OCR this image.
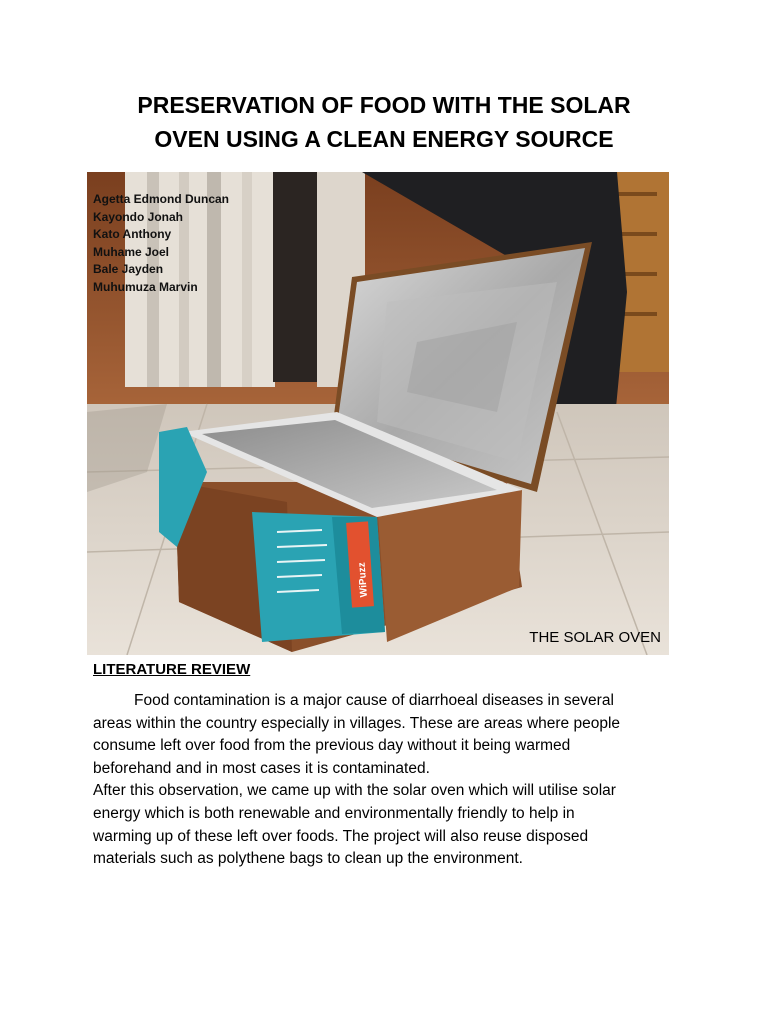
PRESERVATION OF FOOD WITH THE SOLAR
OVEN USING A CLEAN ENERGY SOURCE
WiPuzz
Agetta Edmond Duncan
Kayondo Jonah
Kato Anthony
Muhame Joel
Bale Jayden
Muhumuza Marvin
THE SOLAR OVEN
LITERATURE REVIEW
Food contamination is a major cause of diarrhoeal diseases in several
areas within the country especially in villages. These are areas where people
consume left over food from the previous day without it being warmed
beforehand and in most cases it is contaminated.
After this observation, we came up with the solar oven which will utilise solar
energy which is both renewable and environmentally friendly to help in
warming up of these left over foods. The project will also reuse disposed
materials such as polythene bags to clean up the environment.
